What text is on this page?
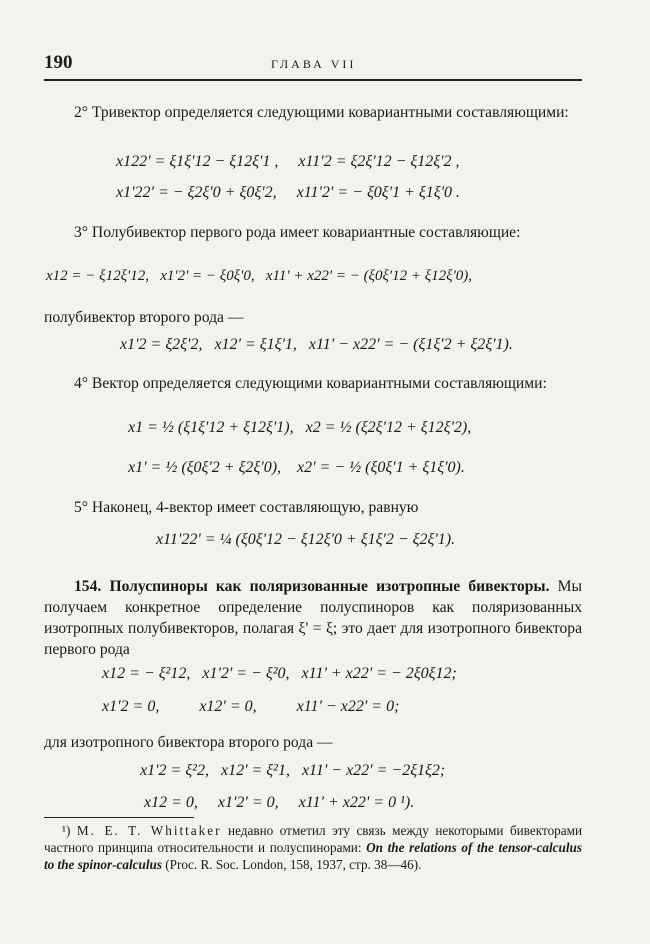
190	ГЛАВА VII
2° Тривектор определяется следующими ковариантными составляющими:
x122' = ξ1ξ'12 − ξ12ξ'1 ,     x11'2 = ξ2ξ'12 − ξ12ξ'2 ,
x1'22' = − ξ2ξ'0 + ξ0ξ'2,     x11'2' = − ξ0ξ'1 + ξ1ξ'0 .
3° Полубивектор первого рода имеет ковариантные составляющие:
x12 = − ξ12ξ'12,   x1'2' = − ξ0ξ'0,   x11' + x22' = − (ξ0ξ'12 + ξ12ξ'0),
полубивектор второго рода —
x1'2 = ξ2ξ'2,   x12' = ξ1ξ'1,   x11' − x22' = − (ξ1ξ'2 + ξ2ξ'1).
4° Вектор определяется следующими ковариантными составляющими:
x1 = ½ (ξ1ξ'12 + ξ12ξ'1),   x2 = ½ (ξ2ξ'12 + ξ12ξ'2),
x1' = ½ (ξ0ξ'2 + ξ2ξ'0),    x2' = − ½ (ξ0ξ'1 + ξ1ξ'0).
5° Наконец, 4-вектор имеет составляющую, равную
x11'22' = ¼ (ξ0ξ'12 − ξ12ξ'0 + ξ1ξ'2 − ξ2ξ'1).
154. Полуспиноры как поляризованные изотропные бивекторы. Мы получаем конкретное определение полуспиноров как поляризованных изотропных полубивекторов, полагая ξ' = ξ; это дает для изотропного бивектора первого рода
x12 = − ξ²12,   x1'2' = − ξ²0,   x11' + x22' = − 2ξ0ξ12;
x1'2 = 0,          x12' = 0,          x11' − x22' = 0;
для изотропного бивектора второго рода —
x1'2 = ξ²2,   x12' = ξ²1,   x11' − x22' = −2ξ1ξ2;
x12 = 0,     x1'2' = 0,     x11' + x22' = 0 ¹).
¹) M. E. T. Whittaker недавно отметил эту связь между некоторыми бивекторами частного принципа относительности и полуспинорами: On the relations of the tensor-calculus to the spinor-calculus (Proc. R. Soc. London, 158, 1937, стр. 38—46).
